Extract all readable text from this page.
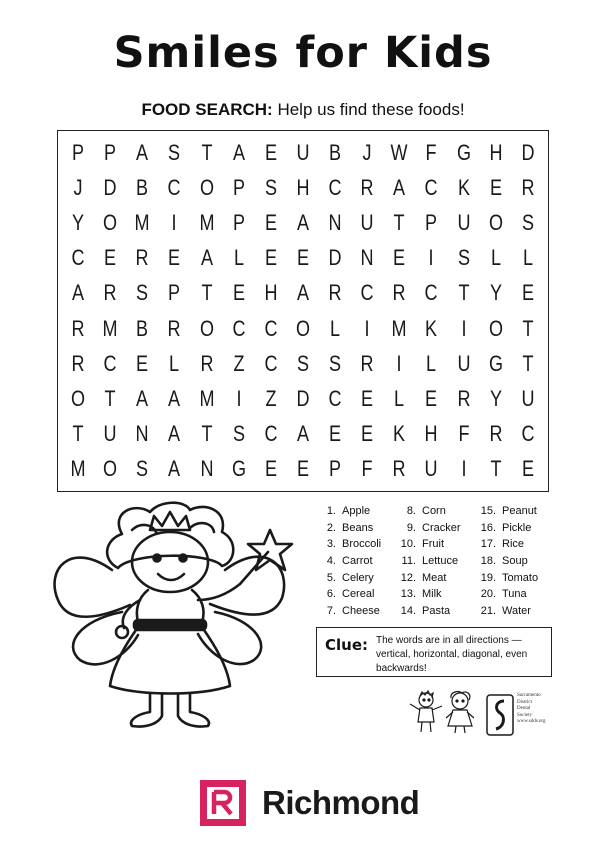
Smiles for Kids
FOOD SEARCH: Help us find these foods!
P P A S T A E U B J W F G H D
J D B C O P S H C R A C K E R
Y O M	I	M P E A N U T P U O S
C E R E A L E E D N E	I	S L	L
A R S P T E H A R C R C T Y E
R M B R O C C O L	I	M K	I	O T
R C E L R Z C S S R	I	L U G T
O T A A M	I	Z D C E L E R Y U
T U N A T S C A E E K H F R C
M O S A N G E E P F R U	I	T E
1. Apple	8. Corn	15. Peanut
2. Beans	9. Cracker 16. Pickle
3. Broccoli 10. Fruit	17. Rice
4. Carrot	11. Lettuce 18. Soup
5. Celery 12. Meat	19. Tomato
6. Cereal 13. Milk	20. Tuna
7. Cheese 14. Pasta	21. Water
Clue: The words are in all directions — vertical, horizontal, diagonal, even backwards!
Sacramento
District
Dental
Society
www.sdds.org
Richmond
